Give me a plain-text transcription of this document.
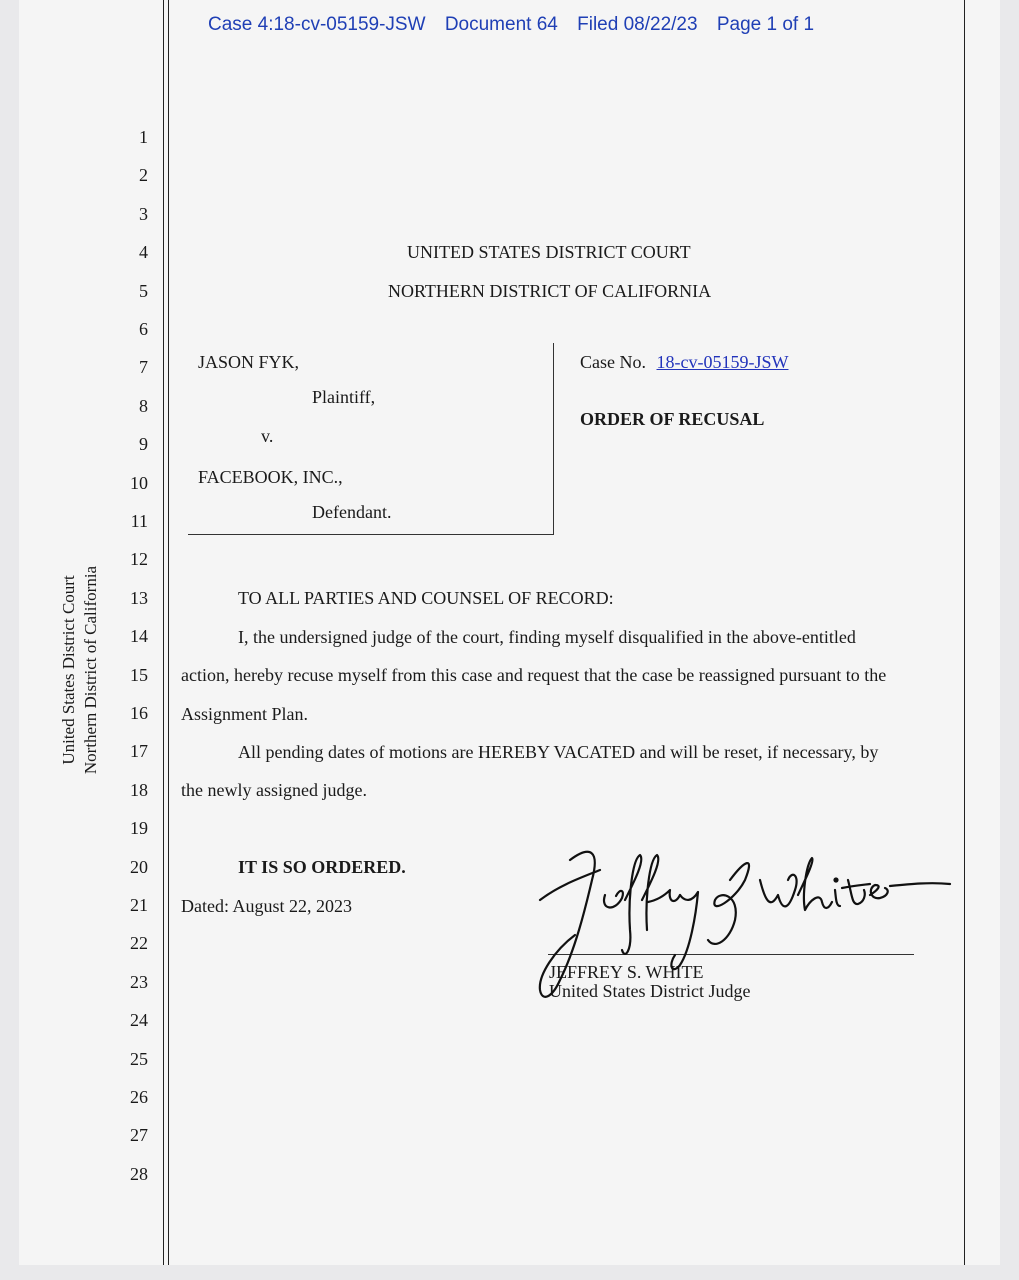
Case 4:18-cv-05159-JSW Document 64 Filed 08/22/23 Page 1 of 1
United States District Court Northern District of California
1
2
3
4
5
6
7
8
9
10
11
12
13
14
15
16
17
18
19
20
21
22
23
24
25
26
27
28
UNITED STATES DISTRICT COURT
NORTHERN DISTRICT OF CALIFORNIA
JASON FYK,
Plaintiff,
v.
FACEBOOK, INC.,
Defendant.
Case No. 18-cv-05159-JSW
ORDER OF RECUSAL
TO ALL PARTIES AND COUNSEL OF RECORD:
I, the undersigned judge of the court, finding myself disqualified in the above-entitled
action, hereby recuse myself from this case and request that the case be reassigned pursuant to the
Assignment Plan.
All pending dates of motions are HEREBY VACATED and will be reset, if necessary, by
the newly assigned judge.
IT IS SO ORDERED.
Dated: August 22, 2023
JEFFREY S. WHITE
United States District Judge
